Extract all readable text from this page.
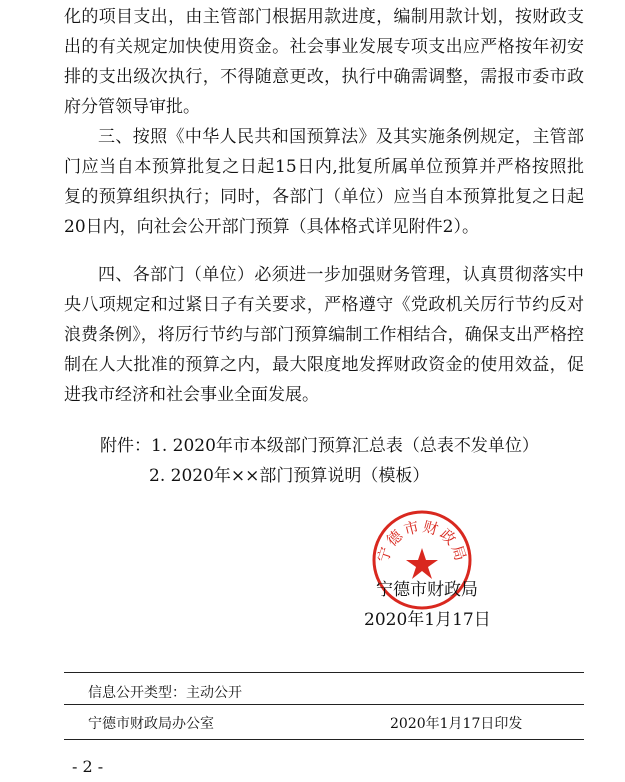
化的项目支出，由主管部门根据用款进度，编制用款计划，按财政支出的有关规定加快使用资金。社会事业发展专项支出应严格按年初安排的支出级次执行，不得随意更改，执行中确需调整，需报市委市政府分管领导审批。

三、按照《中华人民共和国预算法》及其实施条例规定，主管部门应当自本预算批复之日起15日内,批复所属单位预算并严格按照批复的预算组织执行；同时，各部门（单位）应当自本预算批复之日起20日内，向社会公开部门预算（具体格式详见附件2）。

四、各部门（单位）必须进一步加强财务管理，认真贯彻落实中央八项规定和过紧日子有关要求，严格遵守《党政机关厉行节约反对浪费条例》，将厉行节约与部门预算编制工作相结合，确保支出严格控制在人大批准的预算之内，最大限度地发挥财政资金的使用效益，促进我市经济和社会事业全面发展。

附件：1. 2020年市本级部门预算汇总表（总表不发单位）
2. 2020年××部门预算说明（模板）
宁德市财政局
宁德市财政局
2020年1月17日
信息公开类型：主动公开
宁德市财政局办公室	2020年1月17日印发
- 2 -
